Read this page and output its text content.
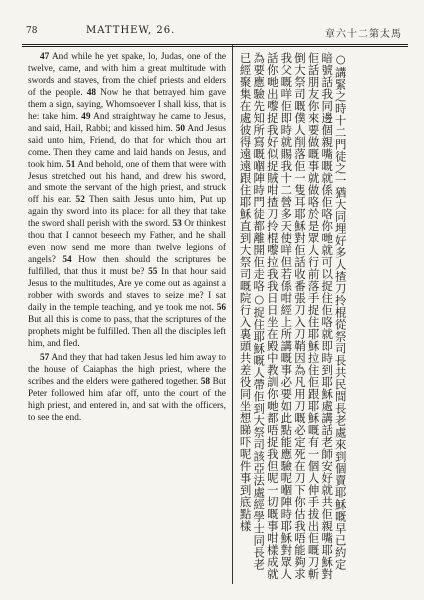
78	MATTHEW, 26.	章六十二第太馬

47 And while he yet spake, lo, Judas, one of the twelve, came, and with him a great multitude with swords and staves, from the chief priests and elders of the people. 48 Now he that betrayed him gave them a sign, saying, Whomsoever I shall kiss, that is he: take him. 49 And straightway he came to Jesus, and said, Hail, Rabbi; and kissed him. 50 And Jesus said unto him, Friend, do that for which thou art come. Then they came and laid hands on Jesus, and took him. 51 And behold, one of them that were with Jesus stretched out his hand, and drew his sword, and smote the servant of the high priest, and struck off his ear. 52 Then saith Jesus unto him, Put up again thy sword into its place: for all they that take the sword shall perish with the sword. 53 Or thinkest thou that I cannot beseech my Father, and he shall even now send me more than twelve legions of angels? 54 How then should the scriptures be fulfilled, that thus it must be? 55 In that hour said Jesus to the multitudes, Are ye come out as against a robber with swords and staves to seize me? I sat daily in the temple teaching, and ye took me not. 56 But all this is come to pass, that the scriptures of the prophets might be fulfilled. Then all the disciples left him, and fled.

57 And they that had taken Jesus led him away to the house of Caiaphas the high priest, where the scribes and the elders were gathered together. 58 But Peter followed him afar off, unto the court of the high priest, and entered in, and sat with the officers, to see the end.	○講緊之時十二門徒之一猶大同埋好多人揸刀拎棍從祭司長共民間長老處來到個賣耶穌嘅早已約定暗號話我同邊個親嘴嘅就係佢咯你哋就可以捉住佢咯就即時到耶穌處講話老師安好就共佢親嘴耶穌對佢話朋友你來要做嘅事就做咯於是眾人行前落手捉住耶穌拉住佢跟耶穌嘅有一個人伸手拔出佢嘅刀斬倒大祭司嘅僕人削落佢一隻耳耶穌對佢話收番張刀入刀鞘因為凡用刀嘅必定死在刀下你估我唔能夠求我父嘅咩佢即時就賜我十二營多天使咩但若係咁經上所講嘅事必要如此點能應驗呢嗰陣時耶穌對眾人話你哋出嚟捉我好似捉賊咁揸刀拎棍嚟拉我我日日坐在殿中教訓你哋都唔捉我但呢一切嘅事咁樣成就為要應驗先知所寫嘅嗰陣時門徒都離開佢走咯○捉住耶穌嘅人帶佢到大祭司該亞法處經學士同長老已經聚集在處彼得遠遠跟住耶穌直到大祭司嘅院行入裏頭共差役同坐想睇吓呢件事到底點樣
